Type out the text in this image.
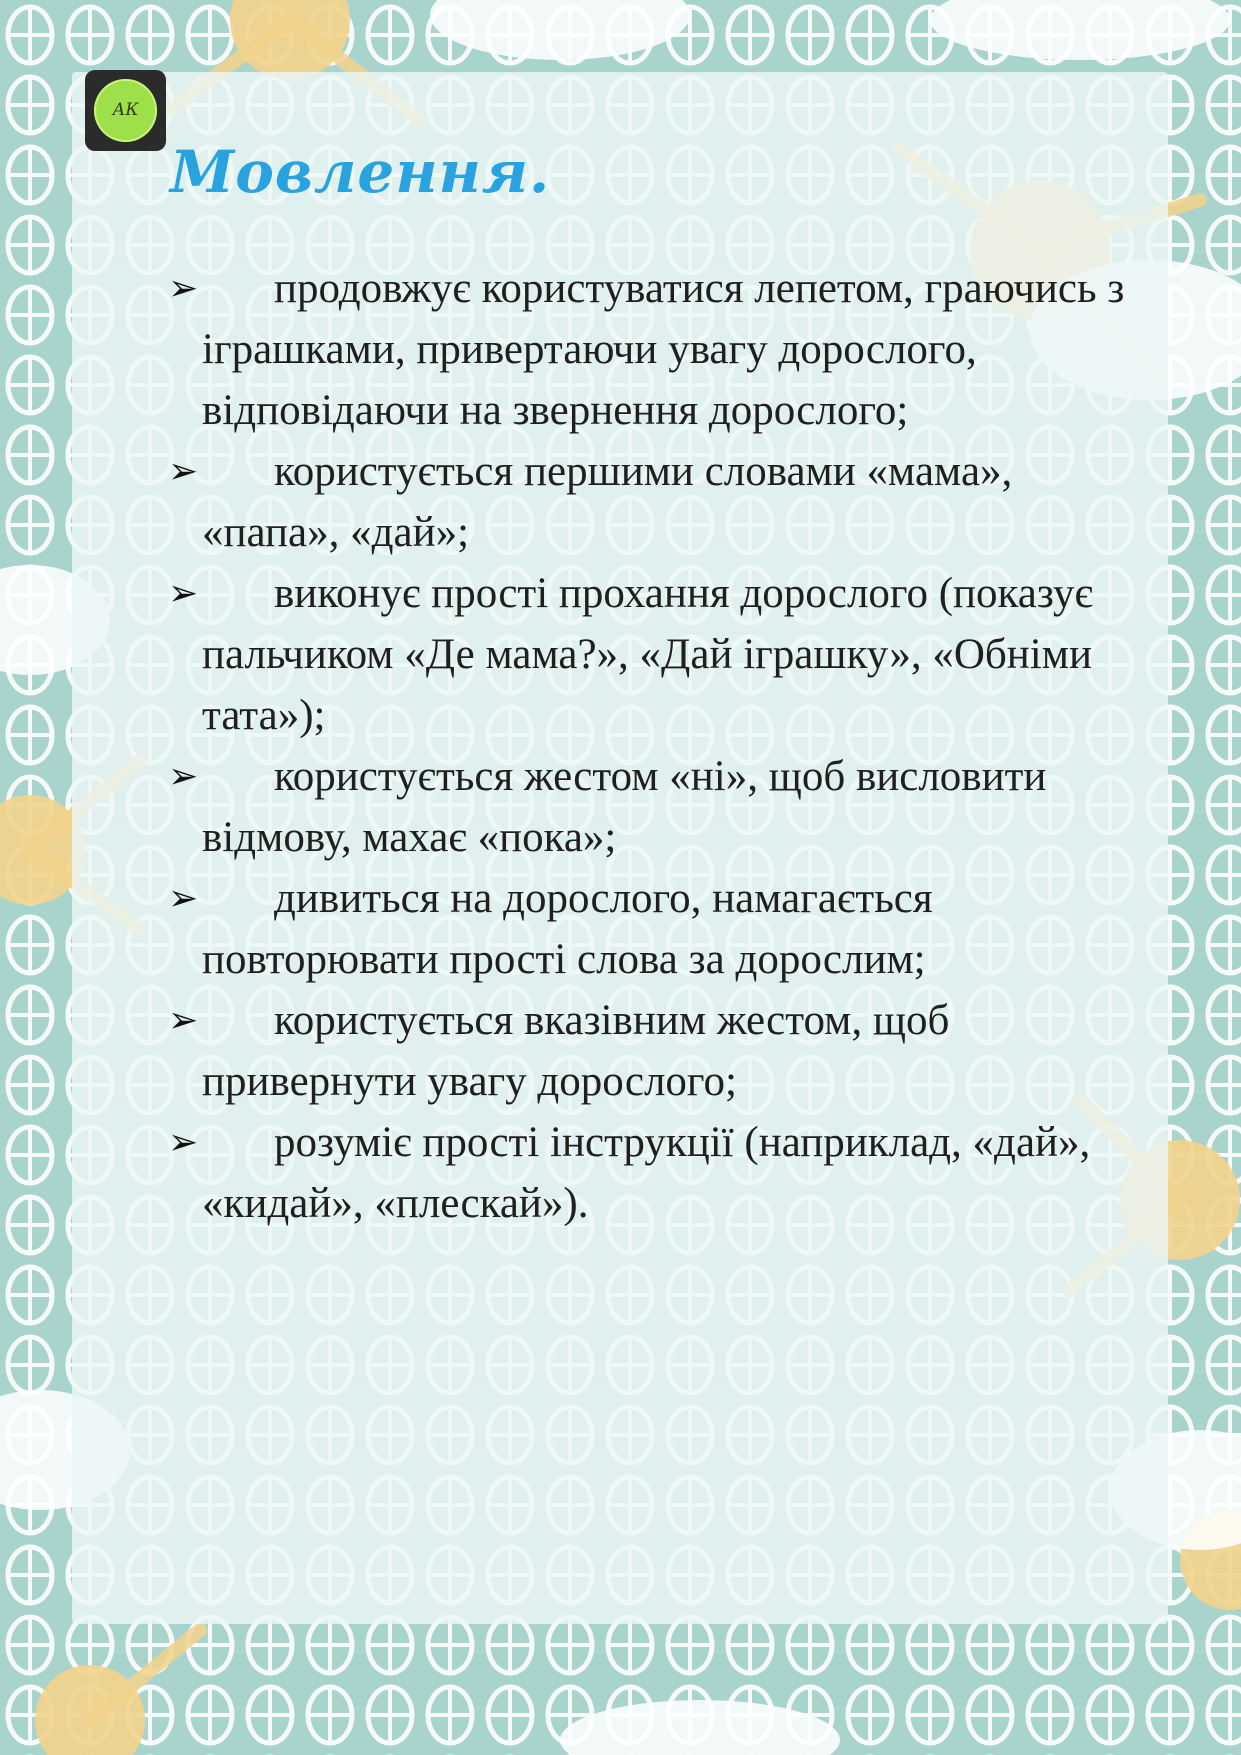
АК
Мовлення.
➢ продовжує користуватися лепетом, граючись з іграшками, привертаючи увагу дорослого, відповідаючи на звернення дорослого;
➢ користується першими словами «мама», «папа», «дай»;
➢ виконує прості прохання дорослого (показує пальчиком «Де мама?», «Дай іграшку», «Обніми тата»);
➢ користується жестом «ні», щоб висловити відмову, махає «пока»;
➢ дивиться на дорослого, намагається повторювати прості слова за дорослим;
➢ користується вказівним жестом, щоб привернути увагу дорослого;
➢ розуміє прості інструкції (наприклад, «дай», «кидай», «плескай»).
